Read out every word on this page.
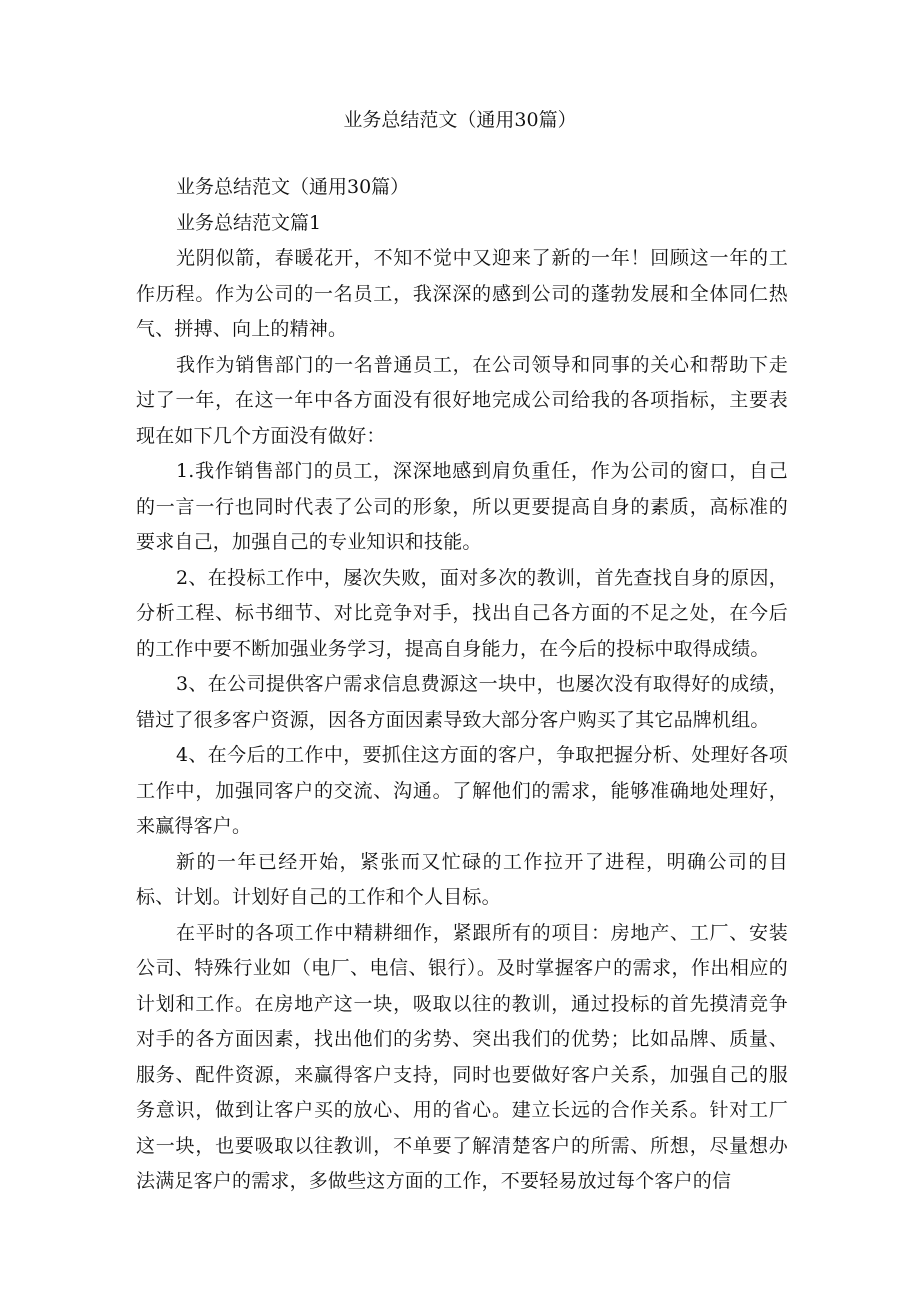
业务总结范文（通用30篇）

业务总结范文（通用30篇）

业务总结范文篇1

光阴似箭，春暖花开，不知不觉中又迎来了新的一年！回顾这一年的工作历程。作为公司的一名员工，我深深的感到公司的蓬勃发展和全体同仁热气、拼搏、向上的精神。

我作为销售部门的一名普通员工，在公司领导和同事的关心和帮助下走过了一年，在这一年中各方面没有很好地完成公司给我的各项指标，主要表现在如下几个方面没有做好：

1.我作销售部门的员工，深深地感到肩负重任，作为公司的窗口，自己的一言一行也同时代表了公司的形象，所以更要提高自身的素质，高标准的要求自己，加强自己的专业知识和技能。

2、在投标工作中，屡次失败，面对多次的教训，首先查找自身的原因，分析工程、标书细节、对比竞争对手，找出自己各方面的不足之处，在今后的工作中要不断加强业务学习，提高自身能力，在今后的投标中取得成绩。

3、在公司提供客户需求信息费源这一块中，也屡次没有取得好的成绩，错过了很多客户资源，因各方面因素导致大部分客户购买了其它品牌机组。

4、在今后的工作中，要抓住这方面的客户，争取把握分析、处理好各项工作中，加强同客户的交流、沟通。了解他们的需求，能够准确地处理好，来赢得客户。

新的一年已经开始，紧张而又忙碌的工作拉开了进程，明确公司的目标、计划。计划好自己的工作和个人目标。

在平时的各项工作中精耕细作，紧跟所有的项目：房地产、工厂、安装公司、特殊行业如（电厂、电信、银行）。及时掌握客户的需求，作出相应的计划和工作。在房地产这一块，吸取以往的教训，通过投标的首先摸清竞争对手的各方面因素，找出他们的劣势、突出我们的优势；比如品牌、质量、服务、配件资源，来赢得客户支持，同时也要做好客户关系，加强自己的服务意识，做到让客户买的放心、用的省心。建立长远的合作关系。针对工厂这一块，也要吸取以往教训，不单要了解清楚客户的所需、所想，尽量想办法满足客户的需求，多做些这方面的工作，不要轻易放过每个客户的信
